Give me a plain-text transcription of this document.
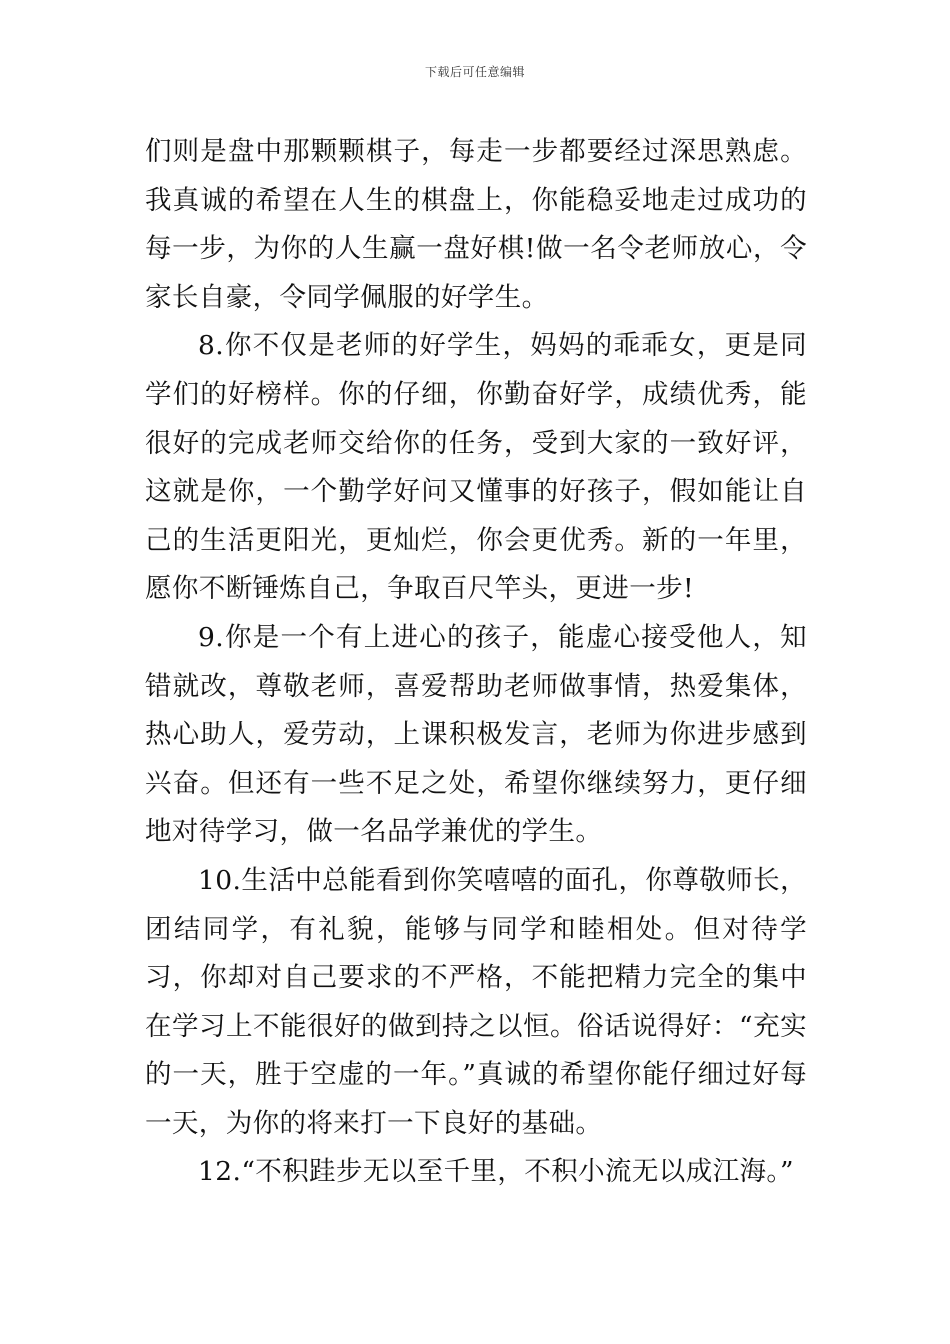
下载后可任意编辑

们则是盘中那颗颗棋子，每走一步都要经过深思熟虑。我真诚的希望在人生的棋盘上，你能稳妥地走过成功的每一步，为你的人生赢一盘好棋!做一名令老师放心，令家长自豪，令同学佩服的好学生。

8.你不仅是老师的好学生，妈妈的乖乖女，更是同学们的好榜样。你的仔细，你勤奋好学，成绩优秀，能很好的完成老师交给你的任务，受到大家的一致好评，这就是你，一个勤学好问又懂事的好孩子，假如能让自己的生活更阳光，更灿烂，你会更优秀。新的一年里，愿你不断锤炼自己，争取百尺竿头，更进一步!

9.你是一个有上进心的孩子，能虚心接受他人，知错就改，尊敬老师，喜爱帮助老师做事情，热爱集体，热心助人，爱劳动，上课积极发言，老师为你进步感到兴奋。但还有一些不足之处，希望你继续努力，更仔细地对待学习，做一名品学兼优的学生。

10.生活中总能看到你笑嘻嘻的面孔，你尊敬师长，团结同学，有礼貌，能够与同学和睦相处。但对待学习，你却对自己要求的不严格，不能把精力完全的集中在学习上不能很好的做到持之以恒。俗话说得好：“充实的一天，胜于空虚的一年。”真诚的希望你能仔细过好每一天，为你的将来打一下良好的基础。

12.“不积跬步无以至千里，不积小流无以成江海。”
